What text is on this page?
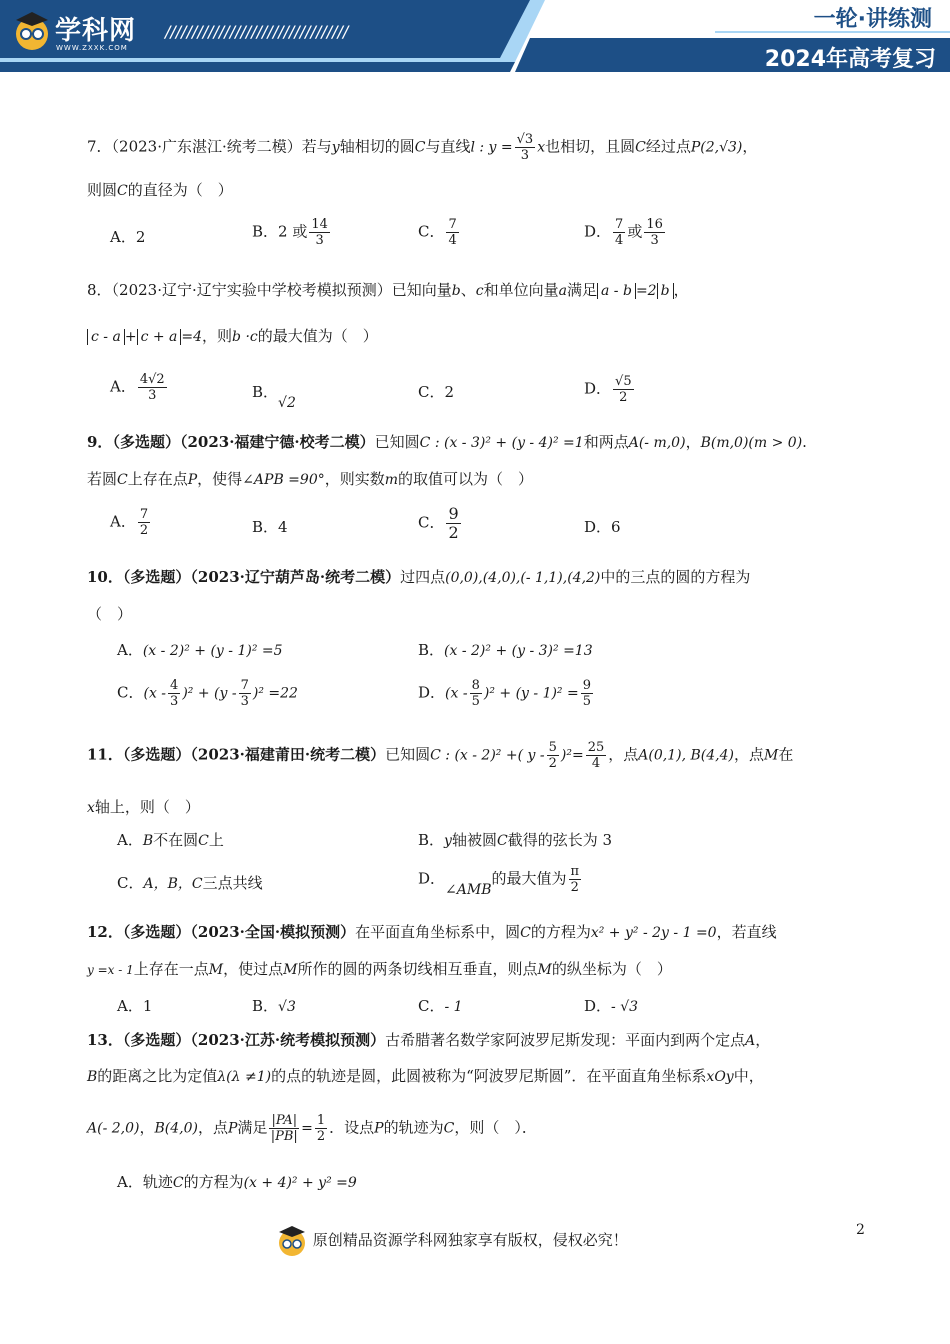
学科网
WWW.ZXXK.COM
//////////////////////////////////	一轮·讲练测
2024年高考复习
7．（2023·广东湛江·统考二模）若与y轴相切的圆C与直线l : $y = \frac{√3}{3}$ x也相切，且圆C经过点P(2,√3)，
则圆C的直径为（　）
A．2	B．2 或 $\frac{14}{3}$	C． $\frac{7}{4}$	D． $\frac{7}{4}$ 或 $\frac{16}{3}$
8．（2023·辽宁·辽宁实验中学校考模拟预测）已知向量b、c和单位向量a满足 a - b =2 b ，
c - a + c + a =4，则b ·c的最大值为（　）
A． $\frac{4√2}{3}$	B．√2
C．2	D． $\frac{√5}{2}$
9．（多选题）（2023·福建宁德·校考二模）已知圆C : (x - 3)² + (y - 4)² =1和两点A(- m,0)，B(m,0)(m > 0).
若圆C上存在点P，使得∠APB =90°，则实数m的取值可以为（　）
A． $\frac{7}{2}$	B．4	C． $\frac{9}{2}$	D．6
10．（多选题）（2023·辽宁葫芦岛·统考二模）过四点(0,0),(4,0),(- 1,1),(4,2)中的三点的圆的方程为
（　）
A．(x - 2)² + (y - 1)² =5	B．(x - 2)² + (y - 3)² =13
C．$(x - \frac{4}{3} )^2 + (y - \frac{7}{3} )^2 =22$	D．$(x - \frac{8}{5} )^2 + (y - 1)^2 = \frac{9}{5}$
11．（多选题）（2023·福建莆田·统考二模）已知圆C : (x - 2)² +( $y - \frac{5}{2} )^2= \frac{25}{4}$ ，点A(0,1), B(4,4)，点M在
x轴上，则（　）
A．B不在圆C上	B．y轴被圆C截得的弦长为 3
C．A，B，C三点共线	D．∠AMB的最大值为 $\frac{\pi}{2}$
12．（多选题）（2023·全国·模拟预测）在平面直角坐标系中，圆C的方程为x² + y² - 2y - 1 =0，若直线
y =x - 1上存在一点M，使过点M所作的圆的两条切线相互垂直，则点M的纵坐标为（　）
A．1	B．√3	C．- 1	D．- √3
13．（多选题）（2023·江苏·统考模拟预测）古希腊著名数学家阿波罗尼斯发现：平面内到两个定点A，
B的距离之比为定值λ(λ ≠1)的点的轨迹是圆，此圆被称为“阿波罗尼斯圆”．在平面直角坐标系xOy中，
A(- 2,0)，B(4,0)，点P满足 $\frac{|PA|}{|PB|} = \frac{1}{2}$ ．设点P的轨迹为C，则（　）．
A．轨迹C的方程为(x + 4)² + y² =9
原创精品资源学科网独家享有版权，侵权必究！
2
